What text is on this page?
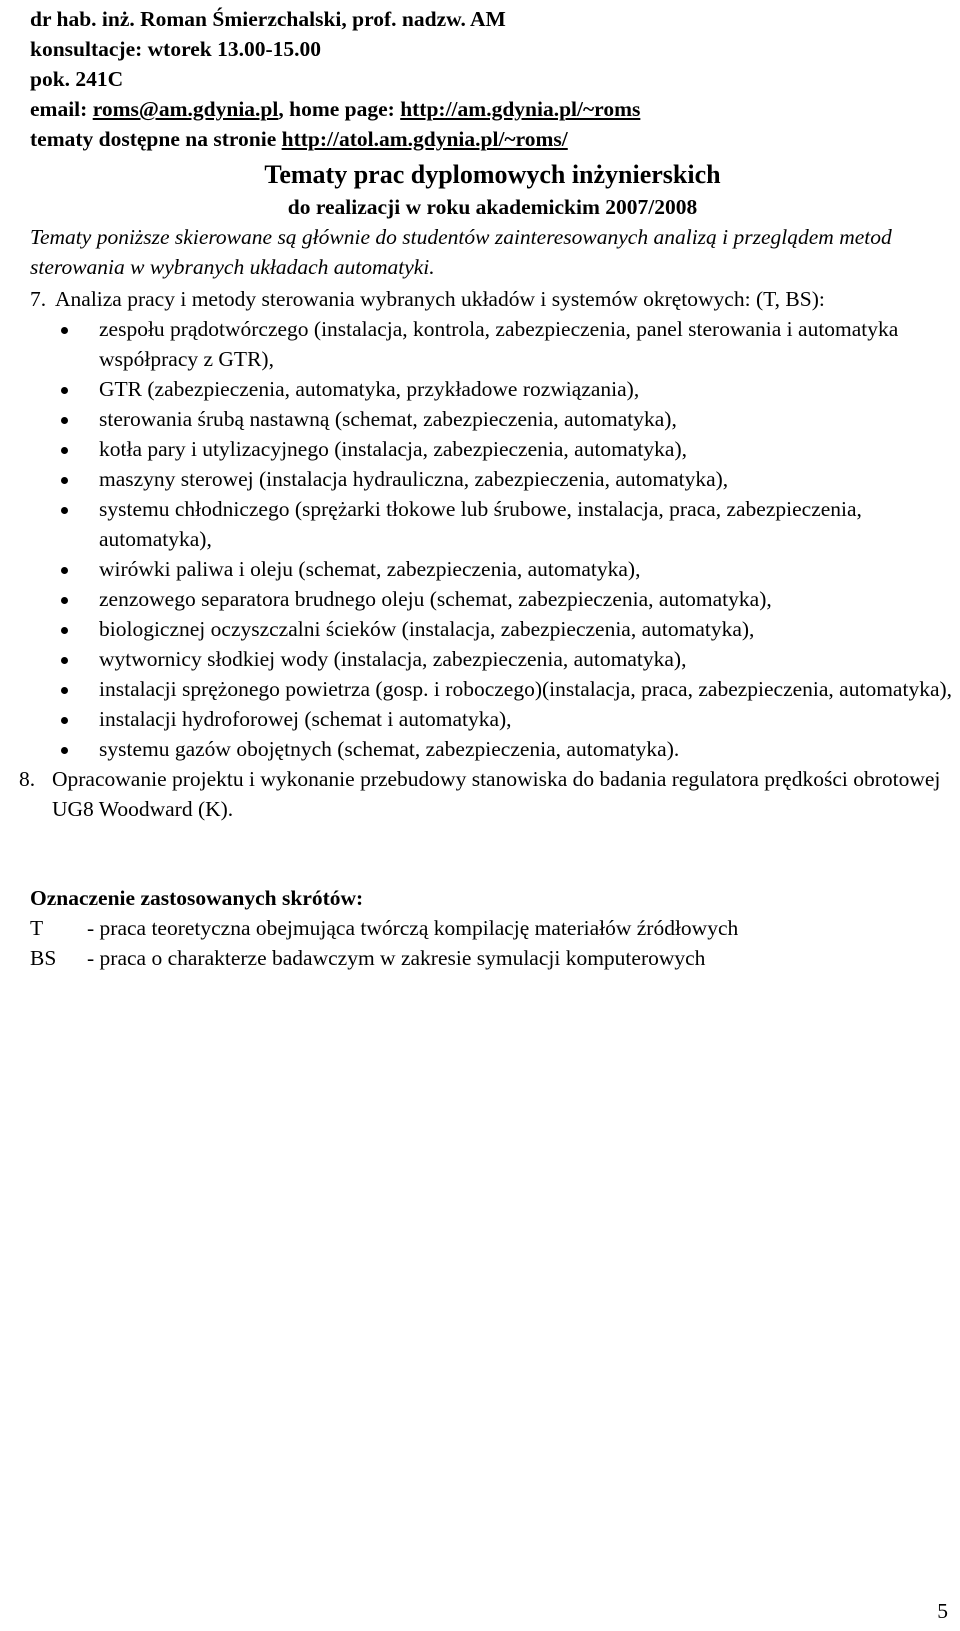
dr hab. inż. Roman Śmierzchalski, prof. nadzw. AM
konsultacje: wtorek 13.00-15.00
pok. 241C
email: roms@am.gdynia.pl, home page: http://am.gdynia.pl/~roms
tematy dostępne na stronie http://atol.am.gdynia.pl/~roms/
Tematy prac dyplomowych inżynierskich
do realizacji w roku akademickim 2007/2008
Tematy poniższe skierowane są głównie do studentów zainteresowanych analizą i przeglądem metod sterowania w wybranych układach automatyki.
7. Analiza pracy i metody sterowania wybranych układów i systemów okrętowych: (T, BS):
zespołu prądotwórczego (instalacja, kontrola, zabezpieczenia, panel sterowania i automatyka współpracy z GTR),
GTR (zabezpieczenia, automatyka, przykładowe rozwiązania),
sterowania śrubą nastawną (schemat, zabezpieczenia, automatyka),
kotła pary i utylizacyjnego (instalacja, zabezpieczenia, automatyka),
maszyny sterowej (instalacja hydrauliczna, zabezpieczenia, automatyka),
systemu chłodniczego (sprężarki tłokowe lub śrubowe, instalacja, praca, zabezpieczenia, automatyka),
wirówki paliwa i oleju (schemat, zabezpieczenia, automatyka),
zenzowego separatora brudnego oleju (schemat, zabezpieczenia, automatyka),
biologicznej oczyszczalni ścieków (instalacja, zabezpieczenia, automatyka),
wytwornicy słodkiej wody (instalacja, zabezpieczenia, automatyka),
instalacji sprężonego powietrza (gosp. i roboczego)(instalacja, praca, zabezpieczenia, automatyka),
instalacji hydroforowej (schemat i automatyka),
systemu gazów obojętnych (schemat, zabezpieczenia, automatyka).
8. Opracowanie projektu i wykonanie przebudowy stanowiska do badania regulatora prędkości obrotowej UG8 Woodward (K).
Oznaczenie zastosowanych skrótów:
T	- praca teoretyczna obejmująca twórczą kompilację materiałów źródłowych
BS	- praca o charakterze badawczym w zakresie symulacji komputerowych
5
